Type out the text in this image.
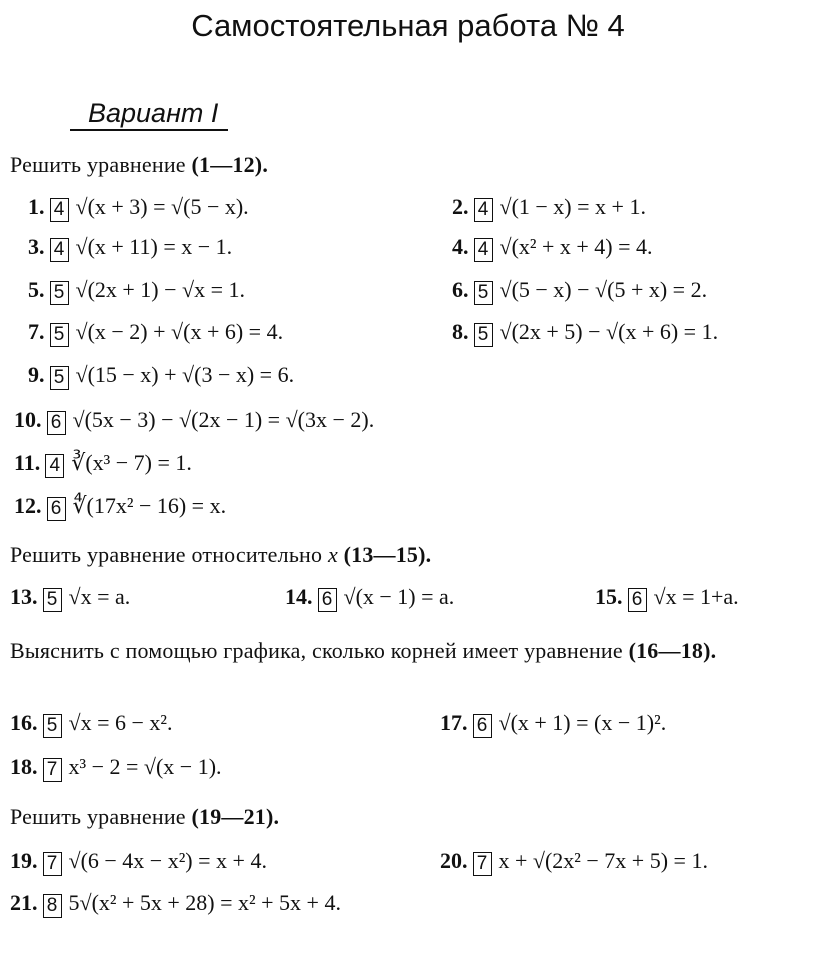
Самостоятельная работа № 4
Вариант I
Решить уравнение (1—12).
1. 4 √(x + 3) = √(5 − x).	2. 4 √(1 − x) = x + 1.
3. 4 √(x + 11) = x − 1.	4. 4 √(x² + x + 4) = 4.
5. 5 √(2x + 1) − √x = 1.	6. 5 √(5 − x) − √(5 + x) = 2.
7. 5 √(x − 2) + √(x + 6) = 4.	8. 5 √(2x + 5) − √(x + 6) = 1.
9. 5 √(15 − x) + √(3 − x) = 6.
10. 6 √(5x − 3) − √(2x − 1) = √(3x − 2).
11. 4 ∛(x³ − 7) = 1.
12. 6 ∜(17x² − 16) = x.
Решить уравнение относительно x (13—15).
13. 5 √x = a.	14. 6 √(x − 1) = a.	15. 6 √x = 1+a.
Выяснить с помощью графика, сколько корней имеет уравнение (16—18).
16. 5 √x = 6 − x².	17. 6 √(x + 1) = (x − 1)².
18. 7 x³ − 2 = √(x − 1).
Решить уравнение (19—21).
19. 7 √(6 − 4x − x²) = x + 4.	20. 7 x + √(2x² − 7x + 5) = 1.
21. 8 5√(x² + 5x + 28) = x² + 5x + 4.
